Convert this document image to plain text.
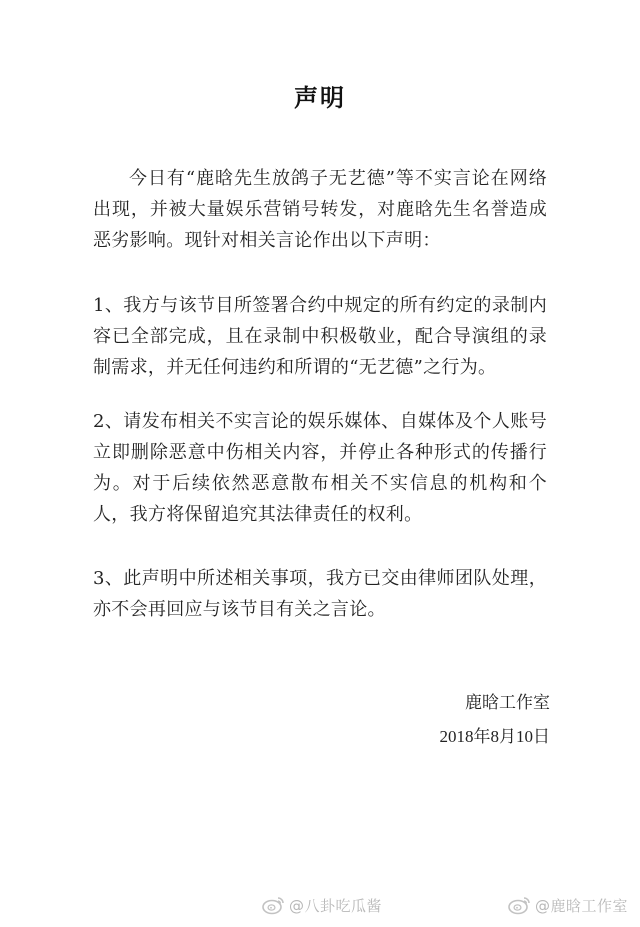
声明
今日有“鹿晗先生放鸽子无艺德”等不实言论在网络出现，并被大量娱乐营销号转发，对鹿晗先生名誉造成恶劣影响。现针对相关言论作出以下声明：
1、我方与该节目所签署合约中规定的所有约定的录制内容已全部完成，且在录制中积极敬业，配合导演组的录制需求，并无任何违约和所谓的“无艺德”之行为。
2、请发布相关不实言论的娱乐媒体、自媒体及个人账号立即删除恶意中伤相关内容，并停止各种形式的传播行为。对于后续依然恶意散布相关不实信息的机构和个人，我方将保留追究其法律责任的权利。
3、此声明中所述相关事项，我方已交由律师团队处理，亦不会再回应与该节目有关之言论。
鹿晗工作室
2018年8月10日
@八卦吃瓜酱	@鹿晗工作室
